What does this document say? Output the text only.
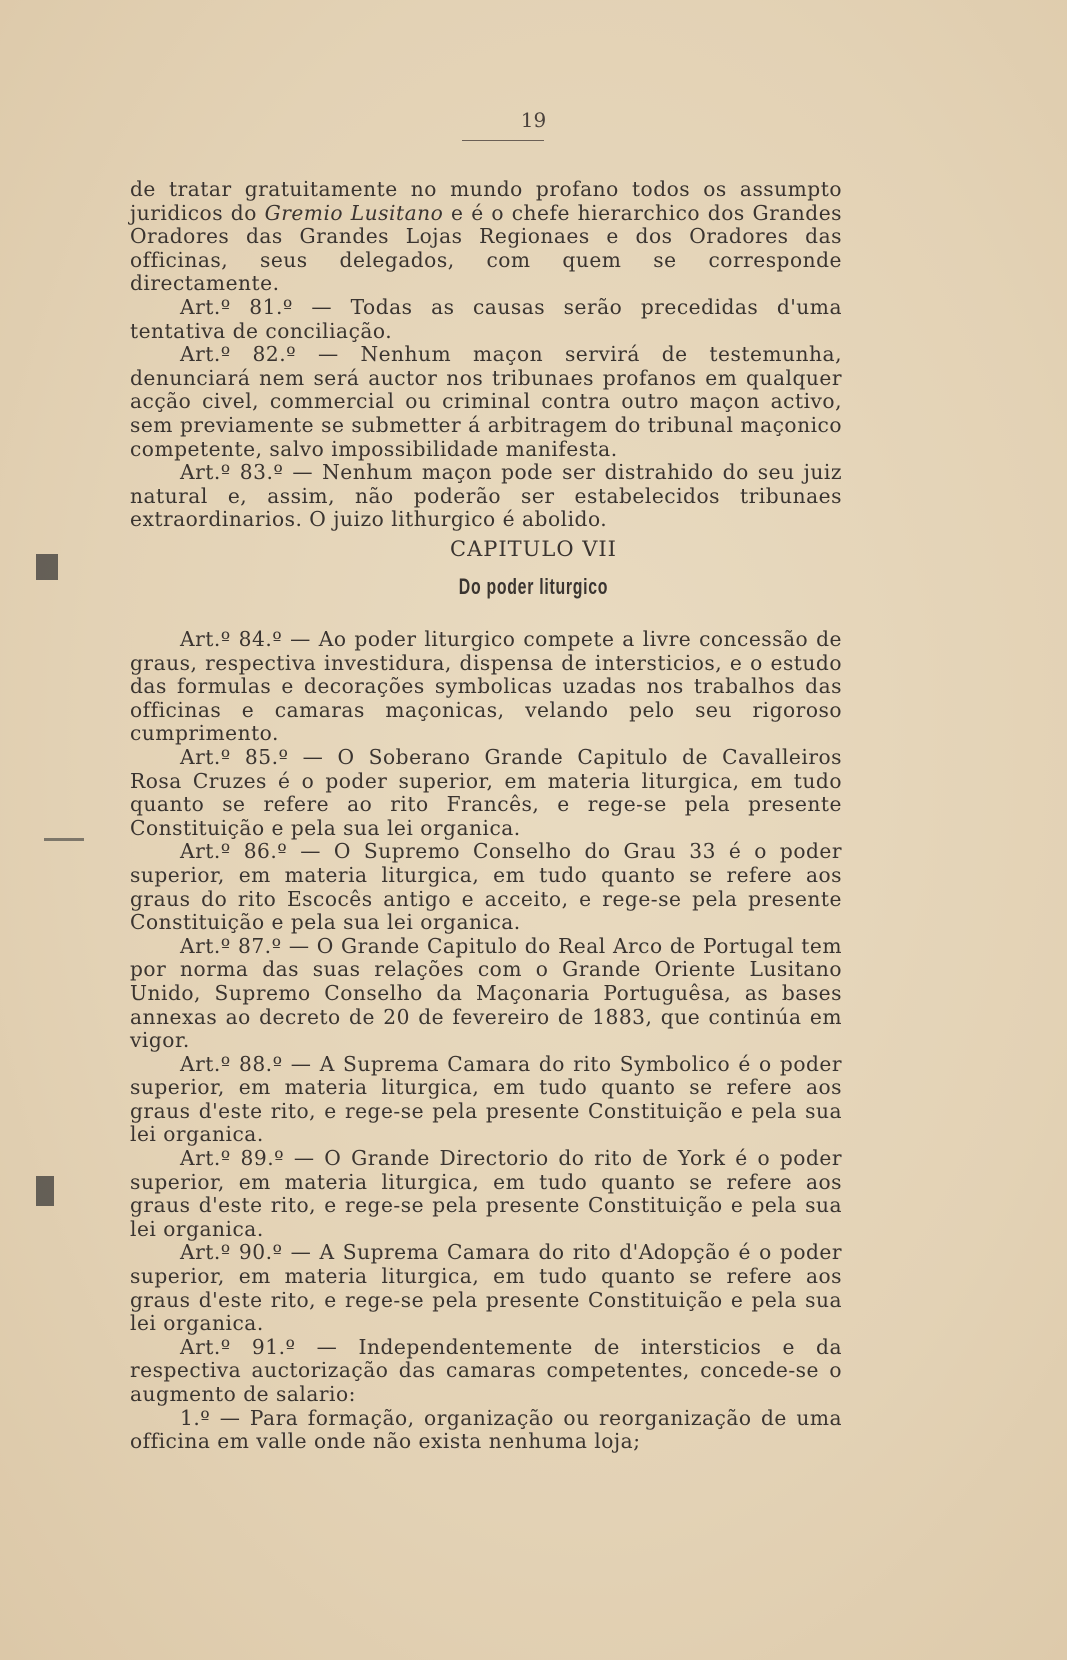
19

de tratar gratuitamente no mundo profano todos os assumpto juridicos do Gremio Lusitano e é o chefe hierarchico dos Grandes Oradores das Grandes Lojas Regionaes e dos Oradores das officinas, seus delegados, com quem se corresponde directamente.

Art.º 81.º — Todas as causas serão precedidas d'uma tentativa de conciliação.

Art.º 82.º — Nenhum maçon servirá de testemunha, denunciará nem será auctor nos tribunaes profanos em qualquer acção civel, commercial ou criminal contra outro maçon activo, sem previamente se submetter á arbitragem do tribunal maçonico competente, salvo impossibilidade manifesta.

Art.º 83.º — Nenhum maçon pode ser distrahido do seu juiz natural e, assim, não poderão ser estabelecidos tribunaes extraordinarios. O juizo lithurgico é abolido.

CAPITULO VII
Do poder liturgico

Art.º 84.º — Ao poder liturgico compete a livre concessão de graus, respectiva investidura, dispensa de intersticios, e o estudo das formulas e decorações symbolicas uzadas nos trabalhos das officinas e camaras maçonicas, velando pelo seu rigoroso cumprimento.

Art.º 85.º — O Soberano Grande Capitulo de Cavalleiros Rosa Cruzes é o poder superior, em materia liturgica, em tudo quanto se refere ao rito Francês, e rege-se pela presente Constituição e pela sua lei organica.

Art.º 86.º — O Supremo Conselho do Grau 33 é o poder superior, em materia liturgica, em tudo quanto se refere aos graus do rito Escocês antigo e acceito, e rege-se pela presente Constituição e pela sua lei organica.

Art.º 87.º — O Grande Capitulo do Real Arco de Portugal tem por norma das suas relações com o Grande Oriente Lusitano Unido, Supremo Conselho da Maçonaria Portuguêsa, as bases annexas ao decreto de 20 de fevereiro de 1883, que continúa em vigor.

Art.º 88.º — A Suprema Camara do rito Symbolico é o poder superior, em materia liturgica, em tudo quanto se refere aos graus d'este rito, e rege-se pela presente Constituição e pela sua lei organica.

Art.º 89.º — O Grande Directorio do rito de York é o poder superior, em materia liturgica, em tudo quanto se refere aos graus d'este rito, e rege-se pela presente Constituição e pela sua lei organica.

Art.º 90.º — A Suprema Camara do rito d'Adopção é o poder superior, em materia liturgica, em tudo quanto se refere aos graus d'este rito, e rege-se pela presente Constituição e pela sua lei organica.

Art.º 91.º — Independentemente de intersticios e da respectiva auctorização das camaras competentes, concede-se o augmento de salario:

1.º — Para formação, organização ou reorganização de uma officina em valle onde não exista nenhuma loja;
